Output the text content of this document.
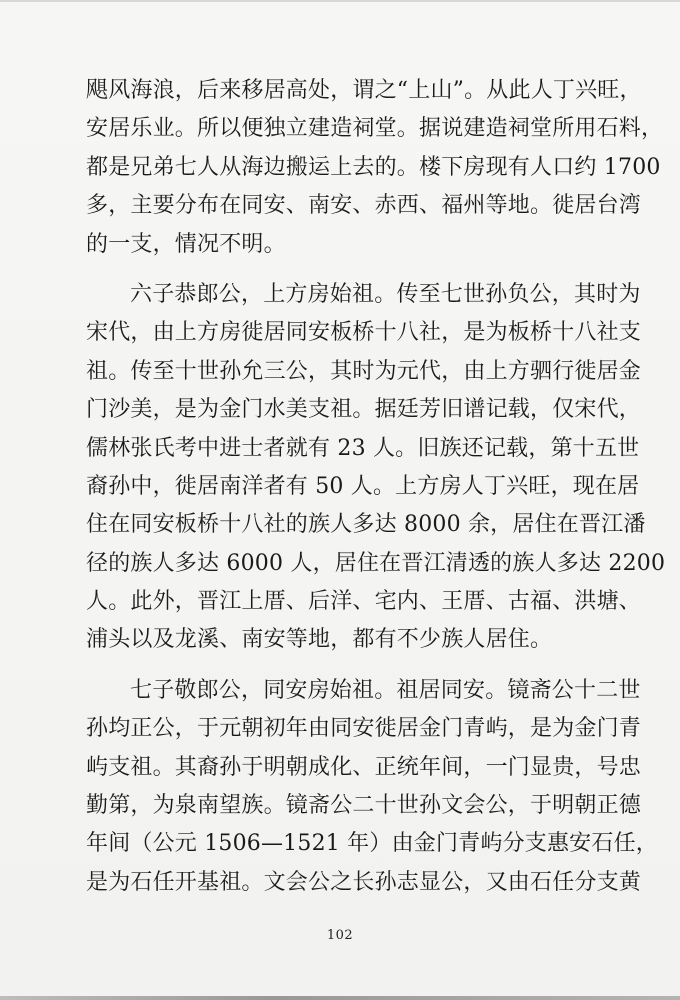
飓风海浪，后来移居高处，谓之“上山”。从此人丁兴旺，
安居乐业。所以便独立建造祠堂。据说建造祠堂所用石料，
都是兄弟七人从海边搬运上去的。楼下房现有人口约 1700
多，主要分布在同安、南安、赤西、福州等地。徙居台湾
的一支，情况不明。
六子恭郎公，上方房始祖。传至七世孙负公，其时为
宋代，由上方房徙居同安板桥十八社，是为板桥十八社支
祖。传至十世孙允三公，其时为元代，由上方驷行徙居金
门沙美，是为金门水美支祖。据廷芳旧谱记载，仅宋代，
儒林张氏考中进士者就有 23 人。旧族还记载，第十五世
裔孙中，徙居南洋者有 50 人。上方房人丁兴旺，现在居
住在同安板桥十八社的族人多达 8000 余，居住在晋江潘
径的族人多达 6000 人，居住在晋江清透的族人多达 2200
人。此外，晋江上厝、后洋、宅内、王厝、古福、洪塘、
浦头以及龙溪、南安等地，都有不少族人居住。
七子敬郎公，同安房始祖。祖居同安。镜斋公十二世
孙均正公，于元朝初年由同安徙居金门青屿，是为金门青
屿支祖。其裔孙于明朝成化、正统年间，一门显贵，号忠
勤第，为泉南望族。镜斋公二十世孙文会公，于明朝正德
年间（公元 1506—1521 年）由金门青屿分支惠安石任，
是为石任开基祖。文会公之长孙志显公，又由石任分支黄
102
